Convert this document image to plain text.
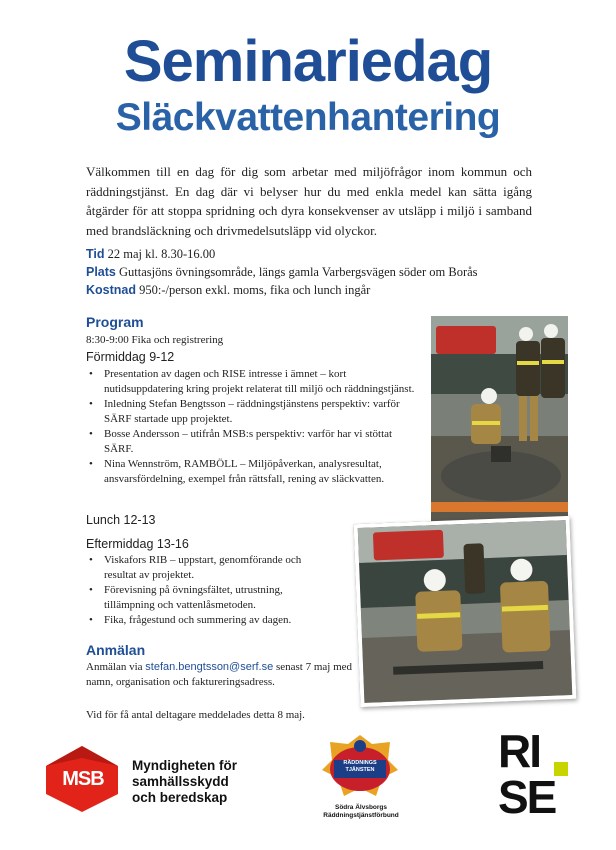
Seminariedag
Släckvattenhantering
Välkommen till en dag för dig som arbetar med miljöfrågor inom kommun och räddningstjänst. En dag där vi belyser hur du med enkla medel kan sätta igång åtgärder för att stoppa spridning och dyra konsekvenser av utsläpp i miljö i samband med brandsläckning och drivmedelsutsläpp vid olyckor.
Tid 22 maj kl. 8.30-16.00
Plats Guttasjöns övningsområde, längs gamla Varbergsvägen söder om Borås
Kostnad 950:-/person exkl. moms, fika och lunch ingår
Program
8:30-9:00 Fika och registrering
Förmiddag 9-12
• Presentation av dagen och RISE intresse i ämnet – kort nutidsuppdatering kring projekt relaterat till miljö och räddningstjänst.
• Inledning Stefan Bengtsson – räddningstjänstens perspektiv: varför SÄRF startade upp projektet.
• Bosse Andersson – utifrån MSB:s perspektiv: varför har vi stöttat SÄRF.
• Nina Wennström, RAMBÖLL – Miljöpåverkan, analysresultat, ansvarsfördelning, exempel från rättsfall, rening av släckvatten.
Lunch 12-13
Eftermiddag 13-16
• Viskafors RIB – uppstart, genomförande och resultat av projektet.
• Förevisning på övningsfältet, utrustning, tillämpning och vattenlåsmetoden.
• Fika, frågestund och summering av dagen.
Anmälan
Anmälan via stefan.bengtsson@serf.se senast 7 maj med namn, organisation och faktureringsadress.
Vid för få antal deltagare meddelades detta 8 maj.
MSB
Myndigheten för
samhällsskydd
och beredskap
RÄDDNINGS
TJÄNSTEN
Södra Älvsborgs
Räddningstjänstförbund
RI
SE
